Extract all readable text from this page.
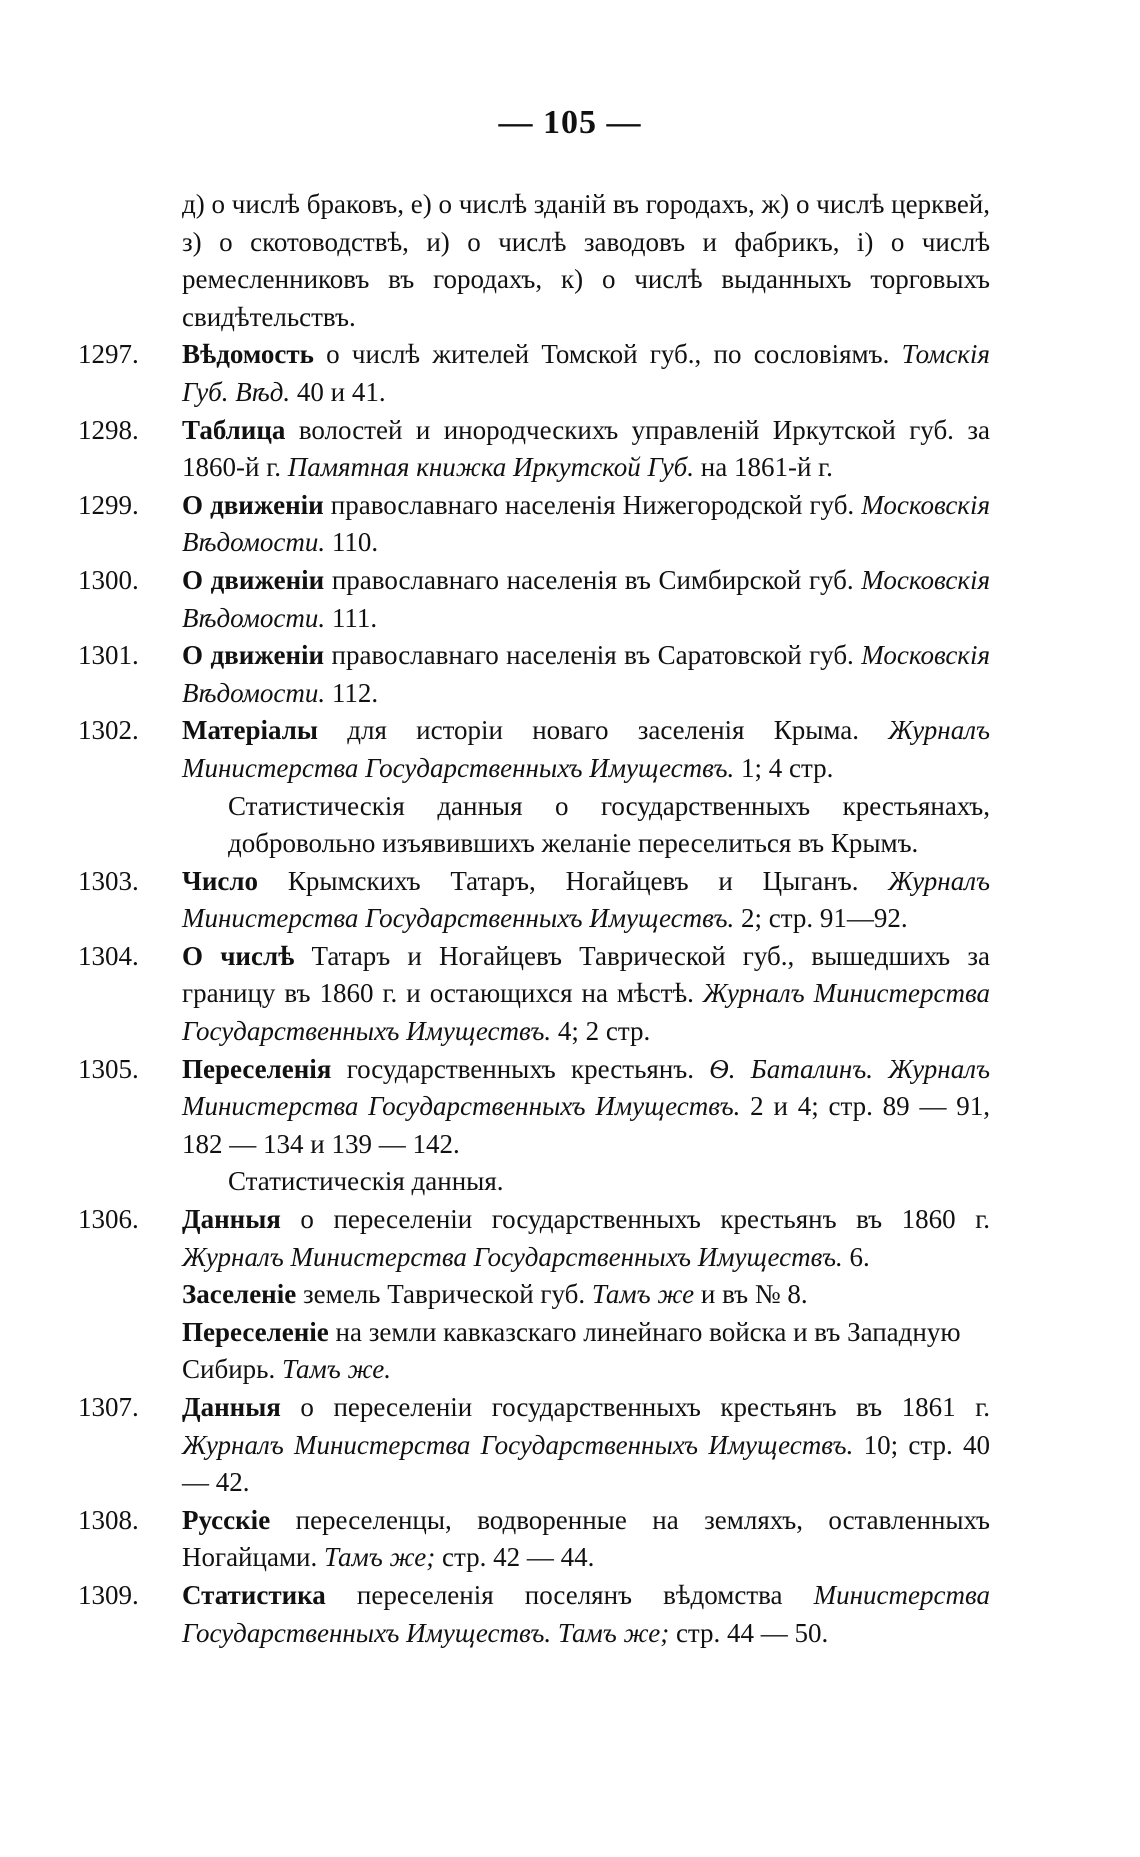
— 105 —
д) о числѣ браковъ, е) о числѣ зданій въ городахъ, ж) о числѣ церквей, з) о скотоводствѣ, и) о числѣ заводовъ и фабрикъ, і) о числѣ ремесленниковъ въ городахъ, к) о числѣ выданныхъ торговыхъ свидѣтельствъ.
1297.	Вѣдомость о числѣ жителей Томской губ., по сословіямъ. Томскія Губ. Вѣд. 40 и 41.
1298.	Таблица волостей и инородческихъ управленій Иркутской губ. за 1860-й г. Памятная книжка Иркутской Губ. на 1861-й г.
1299.	О движеніи православнаго населенія Нижегородской губ. Московскія Вѣдомости. 110.
1300.	О движеніи православнаго населенія въ Симбирской губ. Московскія Вѣдомости. 111.
1301.	О движеніи православнаго населенія въ Саратовской губ. Московскія Вѣдомости. 112.
1302.	Матеріалы для исторіи новаго заселенія Крыма. Журналъ Министерства Государственныхъ Имуществъ. 1; 4 стр.
Статистическія данныя о государственныхъ крестьянахъ, добровольно изъявившихъ желаніе переселиться въ Крымъ.
1303.	Число Крымскихъ Татаръ, Ногайцевъ и Цыганъ. Журналъ Министерства Государственныхъ Имуществъ. 2; стр. 91—92.
1304.	О числѣ Татаръ и Ногайцевъ Таврической губ., вышедшихъ за границу въ 1860 г. и остающихся на мѣстѣ. Журналъ Министерства Государственныхъ Имуществъ. 4; 2 стр.
1305.	Переселенія государственныхъ крестьянъ. Ѳ. Баталинъ. Журналъ Министерства Государственныхъ Имуществъ. 2 и 4; стр. 89 — 91, 182 — 134 и 139 — 142.
Статистическія данныя.
1306.	Данныя о переселеніи государственныхъ крестьянъ въ 1860 г. Журналъ Министерства Государственныхъ Имуществъ. 6.
Заселеніе земель Таврической губ. Тамъ же и въ № 8.
Переселеніе на земли кавказскаго линейнаго войска и въ Западную Сибирь. Тамъ же.
1307.	Данныя о переселеніи государственныхъ крестьянъ въ 1861 г. Журналъ Министерства Государственныхъ Имуществъ. 10; стр. 40 — 42.
1308.	Русскіе переселенцы, водворенные на земляхъ, оставленныхъ Ногайцами. Тамъ же; стр. 42 — 44.
1309.	Статистика переселенія поселянъ вѣдомства Министерства Государственныхъ Имуществъ. Тамъ же; стр. 44 — 50.
